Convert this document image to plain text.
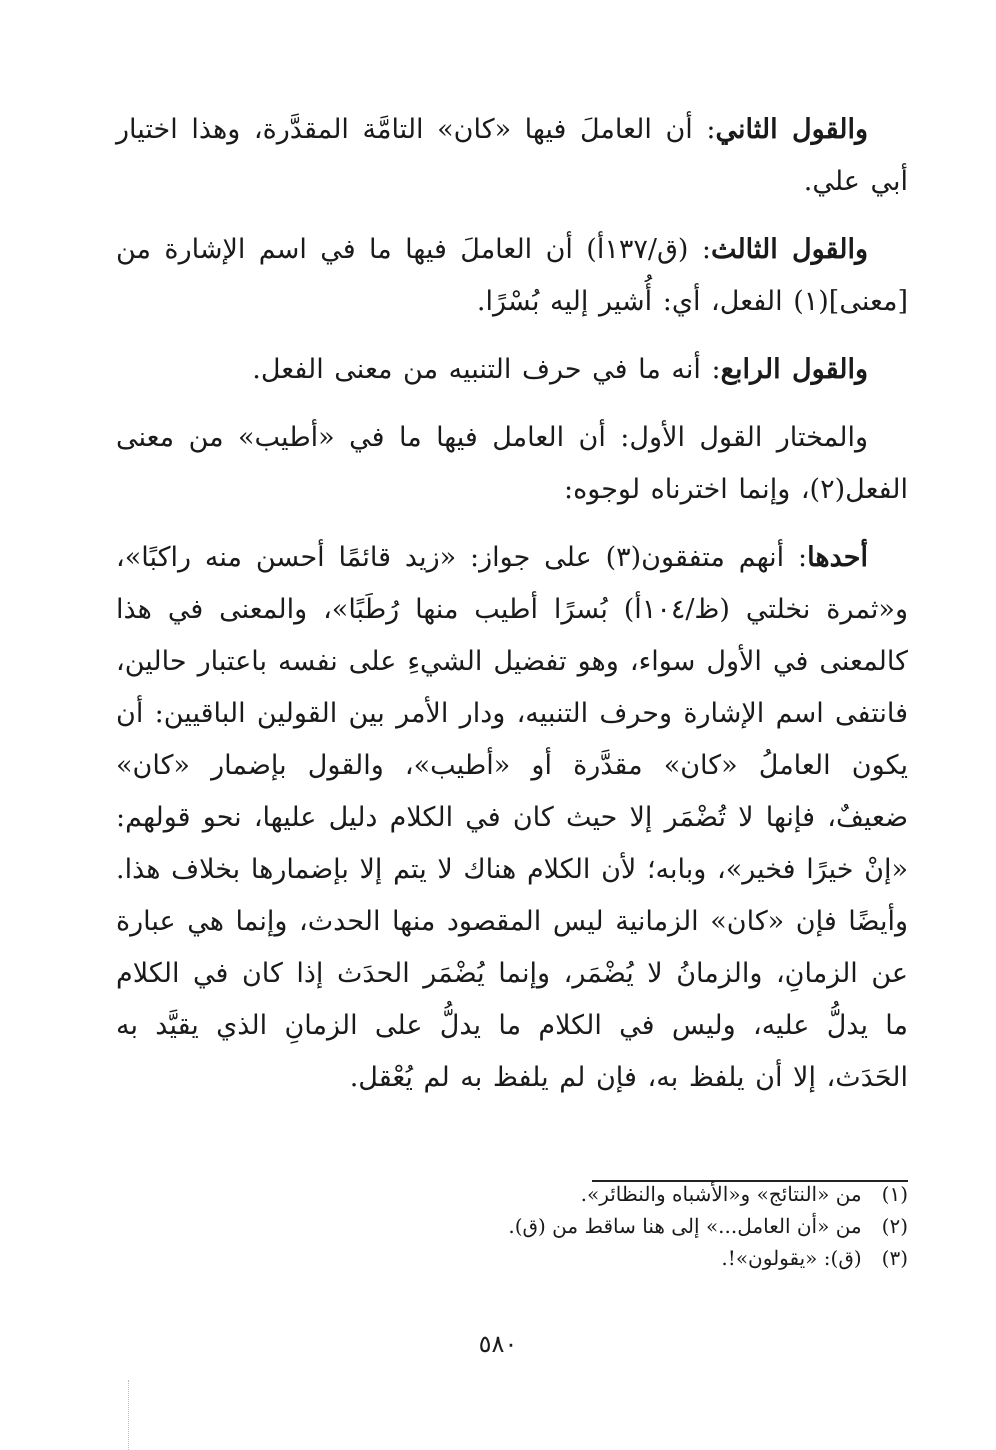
والقول الثاني: أن العاملَ فيها «كان» التامَّة المقدَّرة، وهذا اختيار أبي علي.

والقول الثالث: (ق/١٣٧أ) أن العاملَ فيها ما في اسم الإشارة من [معنى](١) الفعل، أي: أُشير إليه بُسْرًا.

والقول الرابع: أنه ما في حرف التنبيه من معنى الفعل.

والمختار القول الأول: أن العامل فيها ما في «أطيب» من معنى الفعل(٢)، وإنما اخترناه لوجوه:

أحدها: أنهم متفقون(٣) على جواز: «زيد قائمًا أحسن منه راكبًا»، و«ثمرة نخلتي (ظ/١٠٤أ) بُسرًا أطيب منها رُطَبًا»، والمعنى في هذا كالمعنى في الأول سواء، وهو تفضيل الشيءِ على نفسه باعتبار حالين، فانتفى اسم الإشارة وحرف التنبيه، ودار الأمر بين القولين الباقيين: أن يكون العاملُ «كان» مقدَّرة أو «أطيب»، والقول بإضمار «كان» ضعيفٌ، فإنها لا تُضْمَر إلا حيث كان في الكلام دليل عليها، نحو قولهم: «إنْ خيرًا فخير»، وبابه؛ لأن الكلام هناك لا يتم إلا بإضمارها بخلاف هذا. وأيضًا فإن «كان» الزمانية ليس المقصود منها الحدث، وإنما هي عبارة عن الزمانِ، والزمانُ لا يُضْمَر، وإنما يُضْمَر الحدَث إذا كان في الكلام ما يدلُّ عليه، وليس في الكلام ما يدلُّ على الزمانِ الذي يقيَّد به الحَدَث، إلا أن يلفظ به، فإن لم يلفظ به لم يُعْقل.

(١) من «النتائج» و«الأشباه والنظائر».

(٢) من «أن العامل...» إلى هنا ساقط من (ق).

(٣) (ق): «يقولون»!.

٥٨٠
